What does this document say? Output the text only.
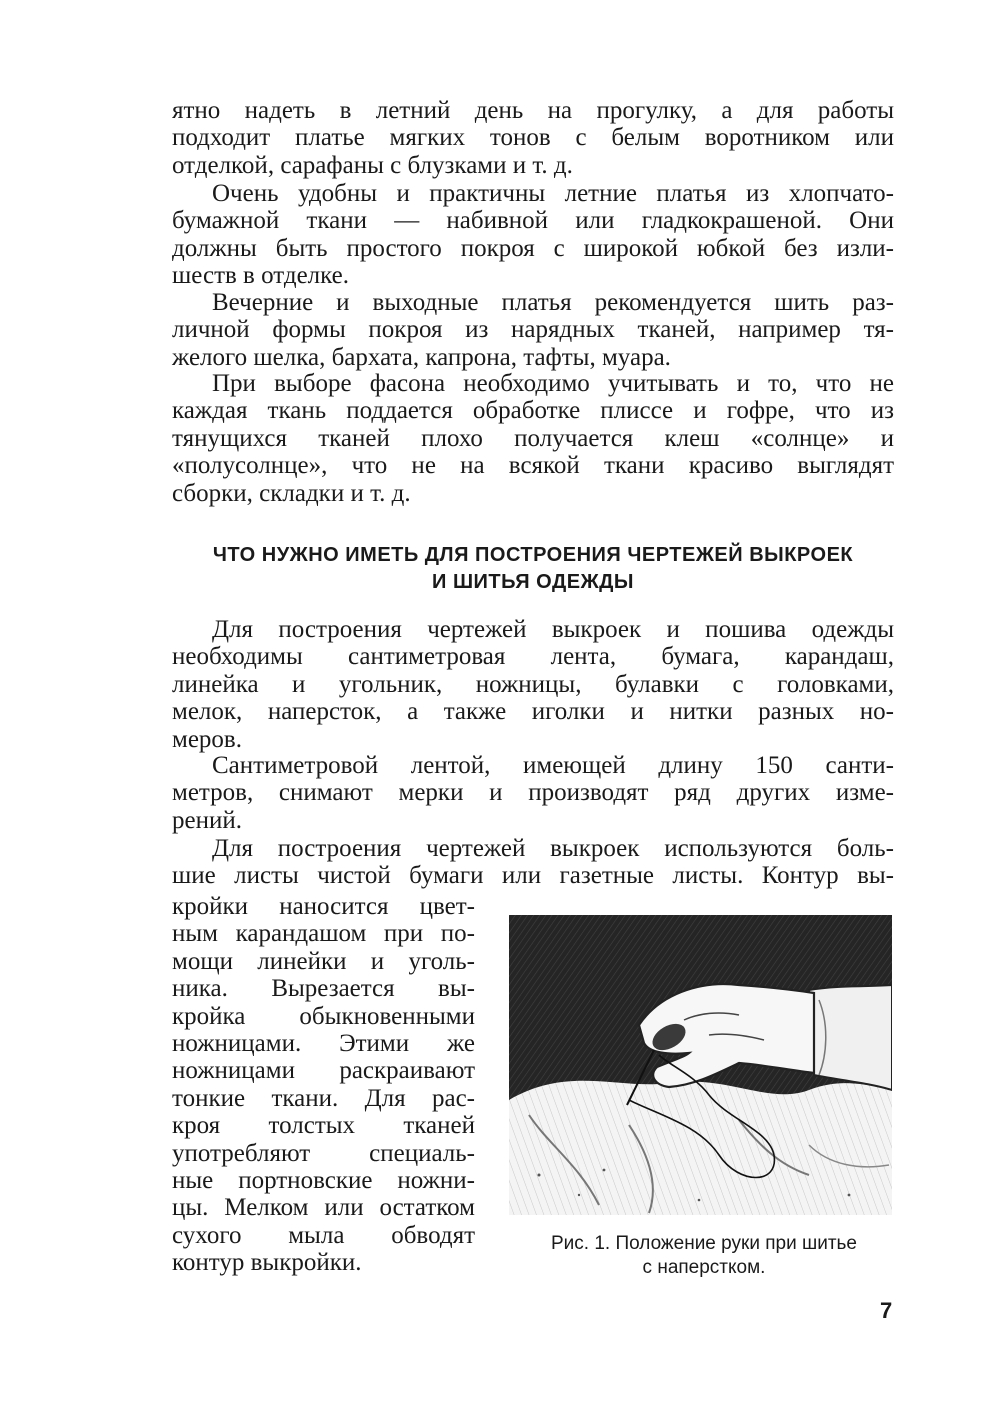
ятно надеть в летний день на прогулку, а для работы
подходит платье мягких тонов с белым воротником или
отделкой, сарафаны с блузками и т. д.
Очень удобны и практичны летние платья из хлопчато-
бумажной ткани — набивной или гладкокрашеной. Они
должны быть простого покроя с широкой юбкой без изли-
шеств в отделке.
Вечерние и выходные платья рекомендуется шить раз-
личной формы покроя из нарядных тканей, например тя-
желого шелка, бархата, капрона, тафты, муара.
При выборе фасона необходимо учитывать и то, что не
каждая ткань поддается обработке плиссе и гофре, что из
тянущихся тканей плохо получается клеш «солнце» и
«полусолнце», что не на всякой ткани красиво выглядят
сборки, складки и т. д.
ЧТО НУЖНО ИМЕТЬ ДЛЯ ПОСТРОЕНИЯ ЧЕРТЕЖЕЙ ВЫКРОЕК
И ШИТЬЯ ОДЕЖДЫ
Для построения чертежей выкроек и пошива одежды
необходимы сантиметровая лента, бумага, карандаш,
линейка и угольник, ножницы, булавки с головками,
мелок, наперсток, а также иголки и нитки разных но-
меров.
Сантиметровой лентой, имеющей длину 150 санти-
метров, снимают мерки и производят ряд других изме-
рений.
Для построения чертежей выкроек используются боль-
шие листы чистой бумаги или газетные листы. Контур вы-
кройки наносится цвет-
ным карандашом при по-
мощи линейки и уголь-
ника. Вырезается вы-
кройка обыкновенными
ножницами. Этими же
ножницами раскраивают
тонкие ткани. Для рас-
кроя толстых тканей
употребляют специаль-
ные портновские ножни-
цы. Мелком или остатком
сухого мыла обводят
контур выкройки.
Рис. 1. Положение руки при шитье
с наперстком.
7
